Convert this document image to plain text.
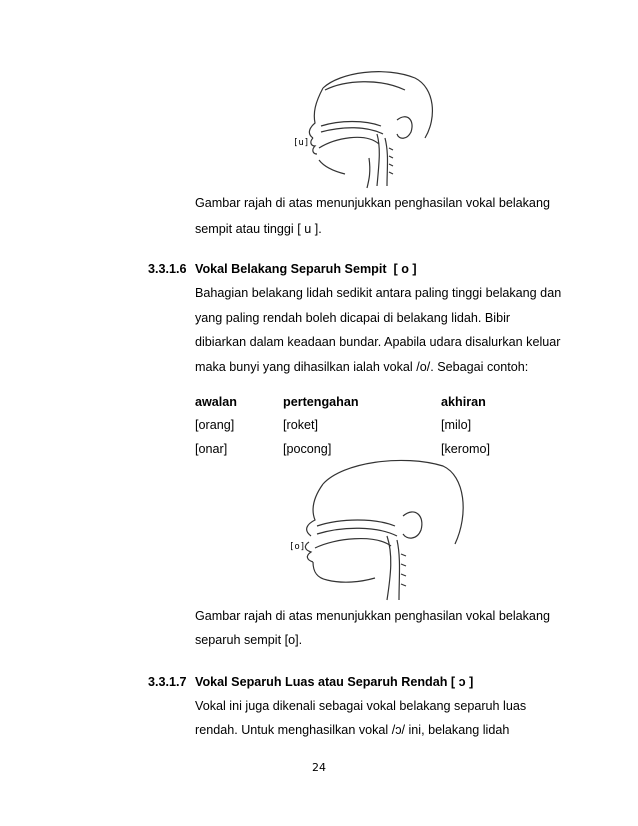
[u]
Gambar rajah di atas menunjukkan penghasilan vokal belakang
sempit atau tinggi [ u ].
3.3.1.6 Vokal Belakang Separuh Sempit  [ o ]
Bahagian belakang lidah sedikit antara paling tinggi belakang dan
yang paling rendah boleh dicapai di belakang lidah. Bibir
dibiarkan dalam keadaan bundar. Apabila udara disalurkan keluar
maka bunyi yang dihasilkan ialah vokal /o/. Sebagai contoh:
awalan	pertengahan	akhiran
[orang]	[roket]	[milo]
[onar]	[pocong]	[keromo]
[o]
Gambar rajah di atas menunjukkan penghasilan vokal belakang
separuh sempit [o].
3.3.1.7 Vokal Separuh Luas atau Separuh Rendah [ ɔ ]
Vokal ini juga dikenali sebagai vokal belakang separuh luas
rendah. Untuk menghasilkan vokal /ɔ/ ini, belakang lidah
24
